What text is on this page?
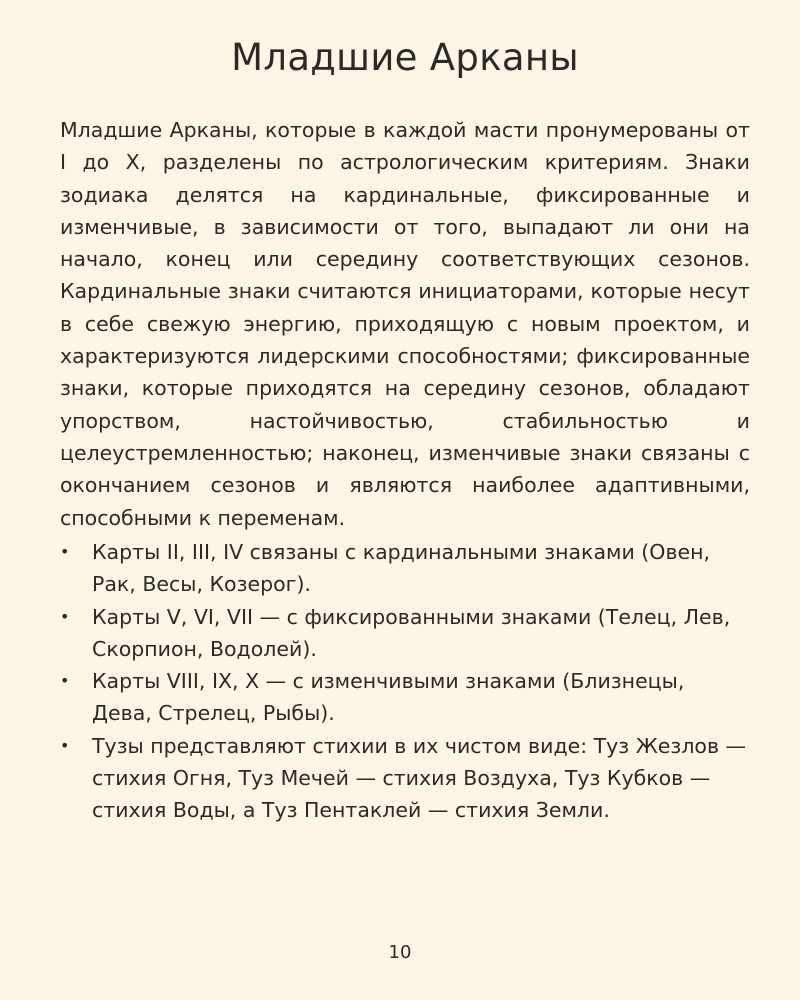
Младшие Арканы

Младшие Арканы, которые в каждой масти пронумерованы от I до X, разделены по астрологическим критериям. Знаки зодиака делятся на кардинальные, фиксированные и изменчивые, в зависимости от того, выпадают ли они на начало, конец или середину соответствующих сезонов. Кардинальные знаки считаются инициаторами, которые несут в себе свежую энергию, приходящую с новым проектом, и характеризуются лидерскими способностями; фиксированные знаки, которые приходятся на середину сезонов, обладают упорством, настойчивостью, стабильностью и целеустремленностью; наконец, изменчивые знаки связаны с окончанием сезонов и являются наиболее адаптивными, способными к переменам.

• Карты II, III, IV связаны с кардинальными знаками (Овен, Рак, Весы, Козерог).
• Карты V, VI, VII — с фиксированными знаками (Телец, Лев, Скорпион, Водолей).
• Карты VIII, IX, X — с изменчивыми знаками (Близнецы, Дева, Стрелец, Рыбы).
• Тузы представляют стихии в их чистом виде: Туз Жезлов — стихия Огня, Туз Мечей — стихия Воздуха, Туз Кубков — стихия Воды, а Туз Пентаклей — стихия Земли.
10
